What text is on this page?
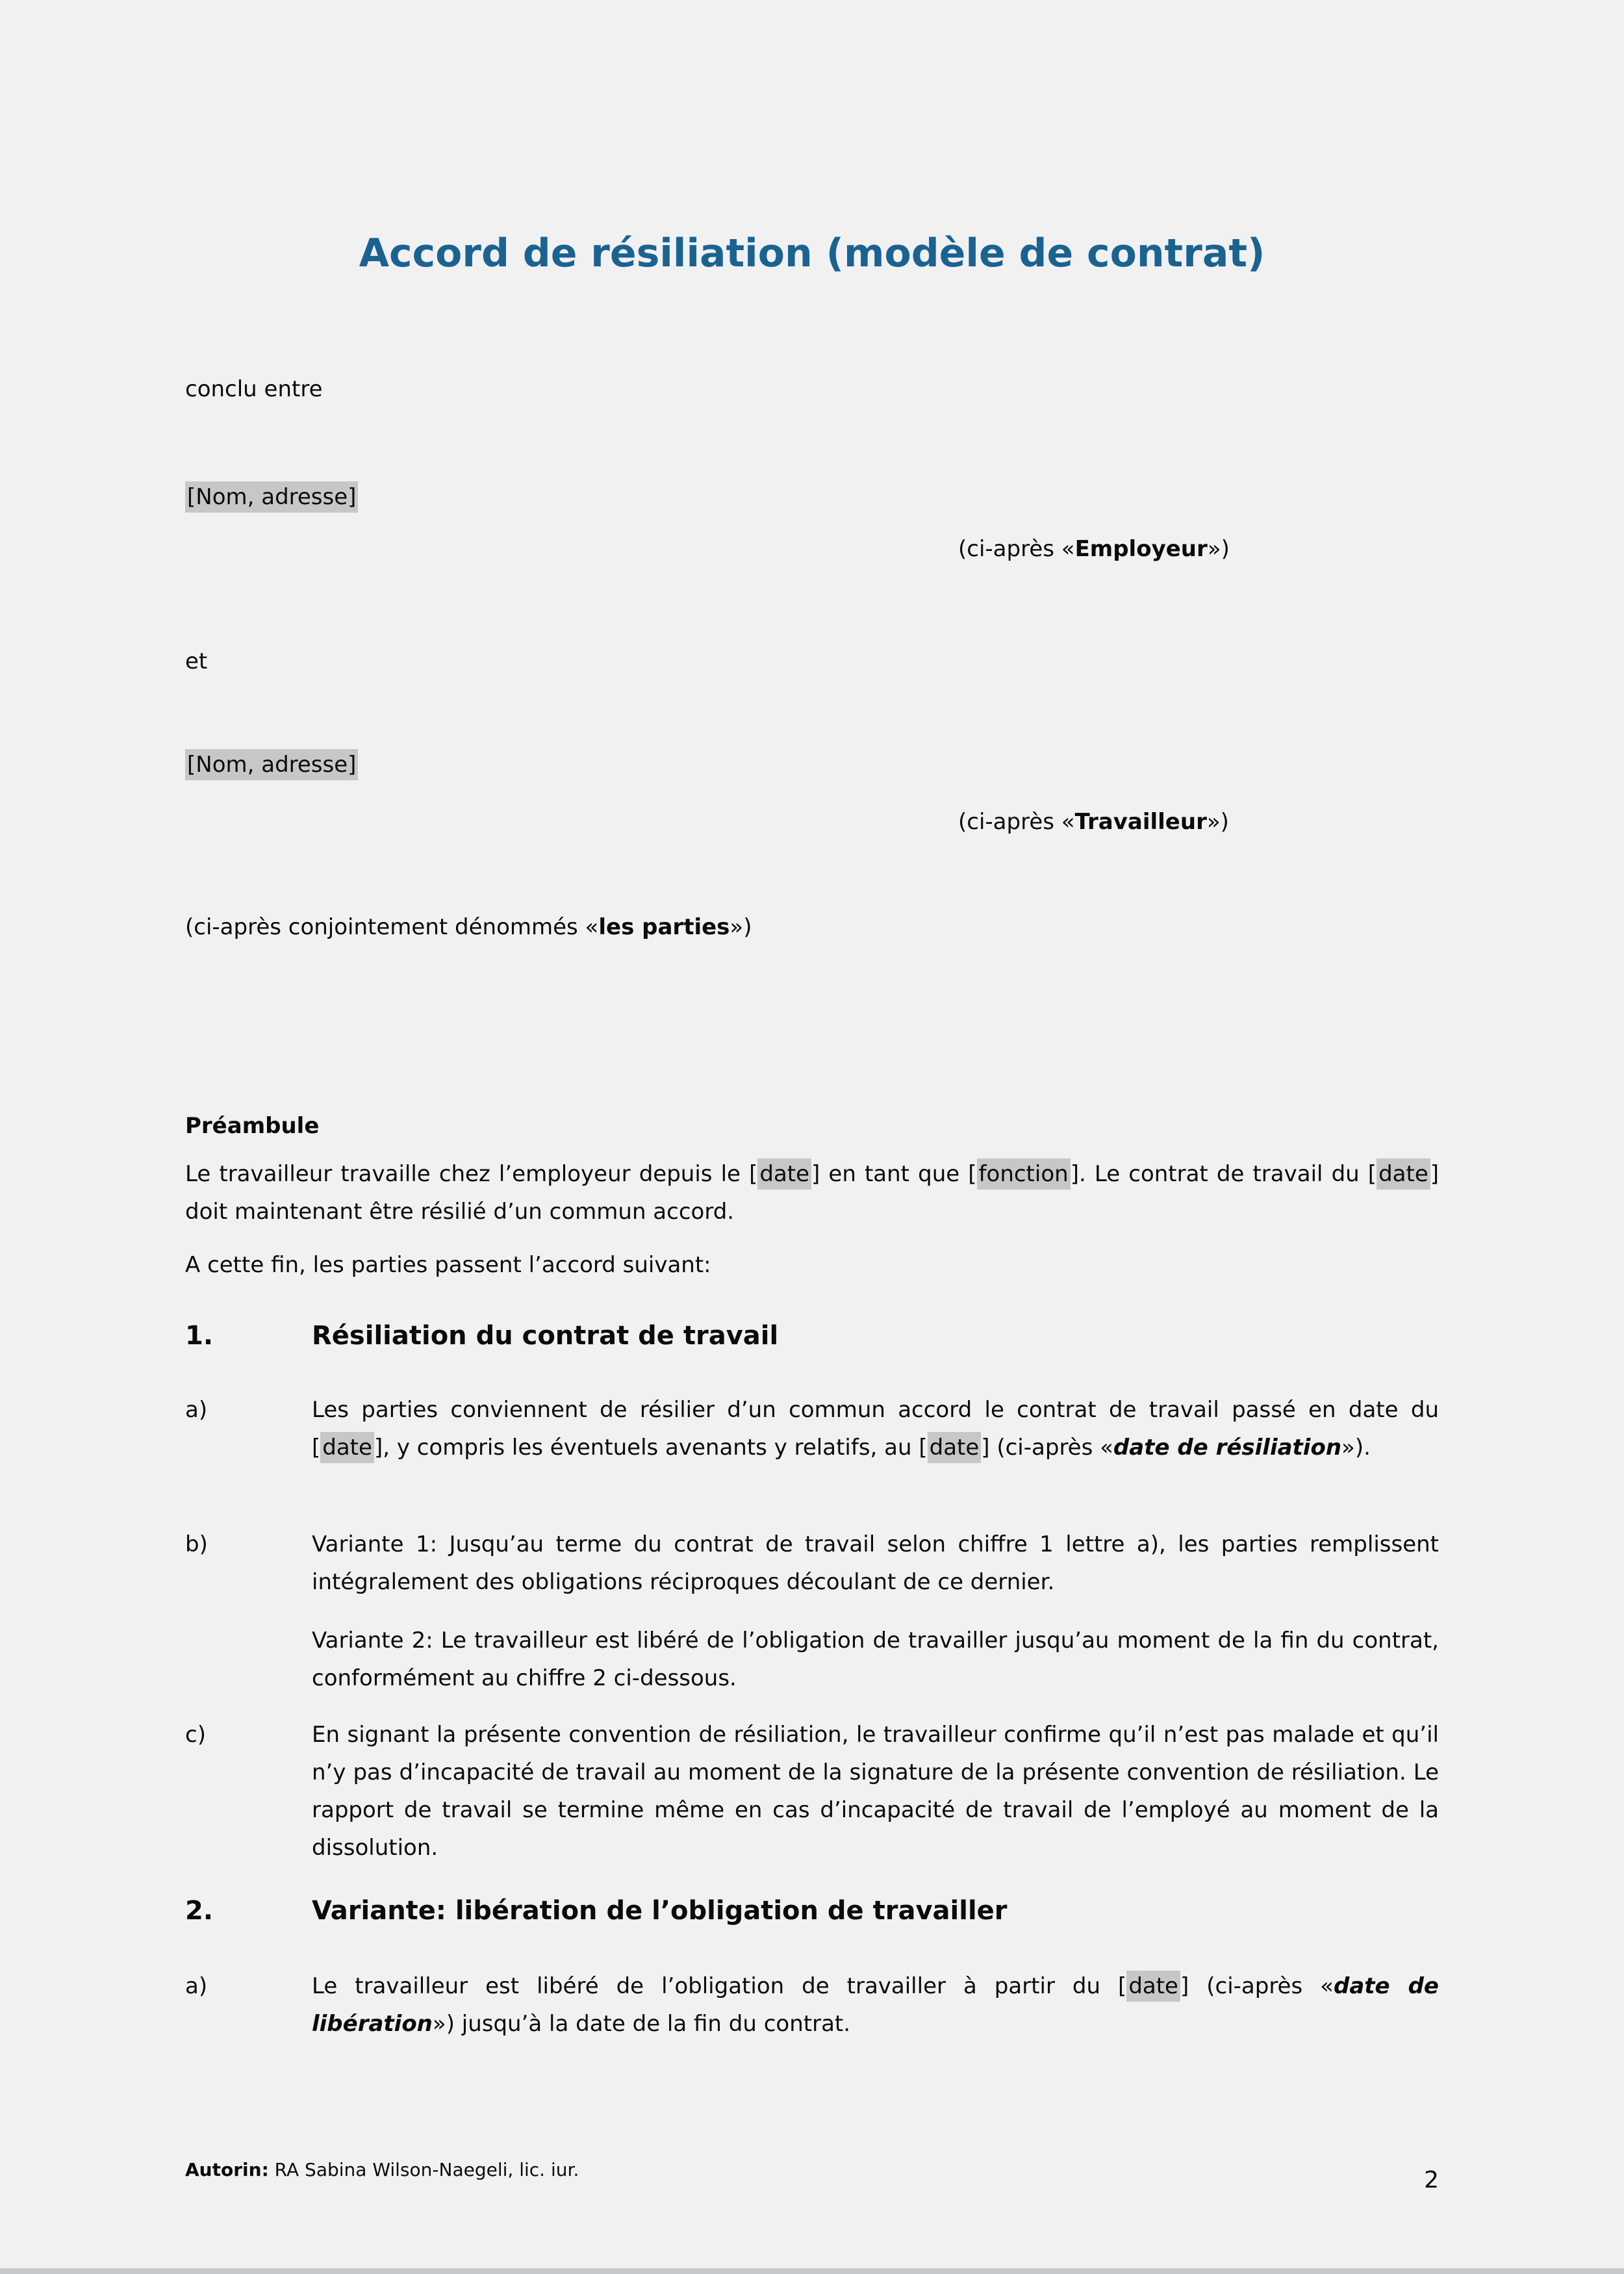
Accord de résiliation (modèle de contrat)

conclu entre

[Nom, adresse]

(ci-après «Employeur»)

et

[Nom, adresse]

(ci-après «Travailleur»)

(ci-après conjointement dénommés «les parties»)

Préambule

Le travailleur travaille chez l’employeur depuis le [date] en tant que [fonction]. Le contrat de travail du [date] doit maintenant être résilié d’un commun accord.

A cette fin, les parties passent l’accord suivant:

1.	Résiliation du contrat de travail
a)	Les parties conviennent de résilier d’un commun accord le contrat de travail passé en date du [date], y compris les éventuels avenants y relatifs, au [date] (ci-après «date de résiliation»).

b)	Variante 1: Jusqu’au terme du contrat de travail selon chiffre 1 lettre a), les parties remplissent intégralement des obligations réciproques découlant de ce dernier.

Variante 2: Le travailleur est libéré de l’obligation de travailler jusqu’au moment de la fin du contrat, conformément au chiffre 2 ci-dessous.

c)	En signant la présente convention de résiliation, le travailleur confirme qu’il n’est pas malade et qu’il n’y pas d’incapacité de travail au moment de la signature de la présente convention de résiliation. Le rapport de travail se termine même en cas d’incapacité de travail de l’employé au moment de la dissolution.

2.	Variante: libération de l’obligation de travailler
a)	Le travailleur est libéré de l’obligation de travailler à partir du [date] (ci-après «date de libération») jusqu’à la date de la fin du contrat.

Autorin: RA Sabina Wilson-Naegeli, lic. iur.	2
